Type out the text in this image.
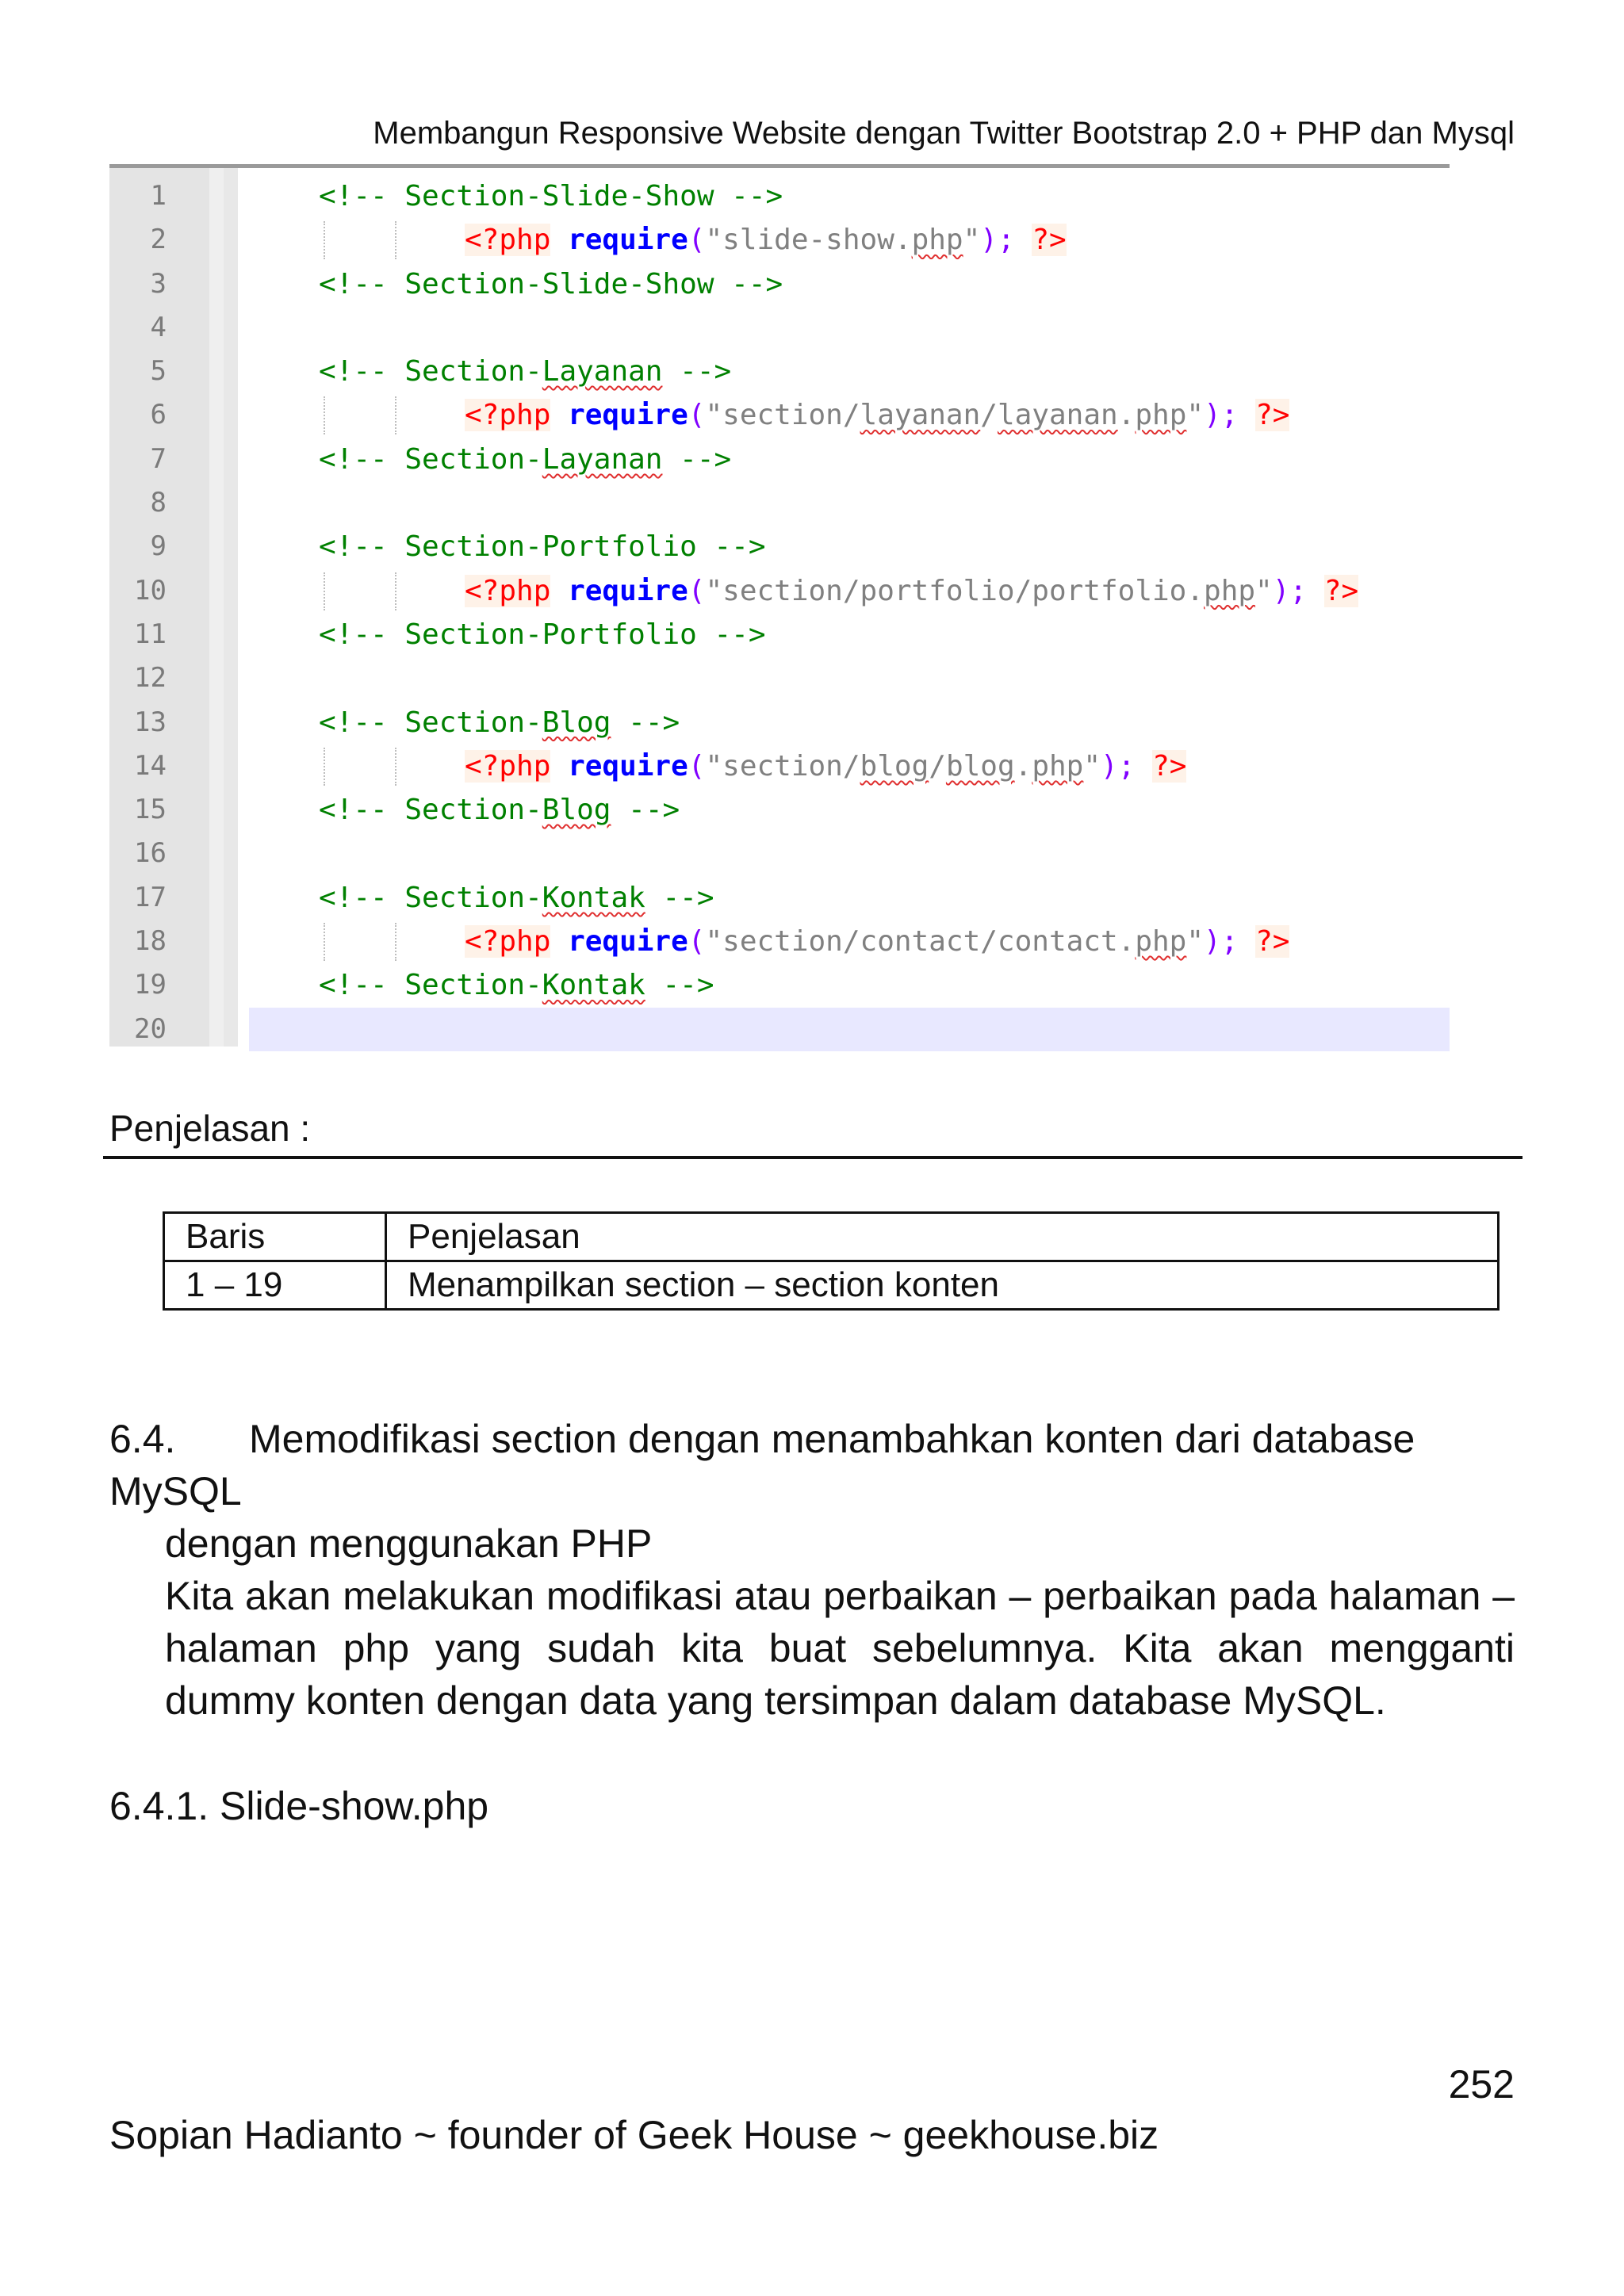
Membangun Responsive Website dengan Twitter Bootstrap 2.0 + PHP dan Mysql
1	<!-- Section-Slide-Show -->
2	<?php require("slide-show.php"); ?>
3	<!-- Section-Slide-Show -->
4
5	<!-- Section-Layanan -->
6	<?php require("section/layanan/layanan.php"); ?>
7	<!-- Section-Layanan -->
8
9	<!-- Section-Portfolio -->
10	<?php require("section/portfolio/portfolio.php"); ?>
11	<!-- Section-Portfolio -->
12
13	<!-- Section-Blog -->
14	<?php require("section/blog/blog.php"); ?>
15	<!-- Section-Blog -->
16
17	<!-- Section-Kontak -->
18	<?php require("section/contact/contact.php"); ?>
19	<!-- Section-Kontak -->
20
Penjelasan :
Baris	Penjelasan
1 – 19	Menampilkan section – section konten
6.4. Memodifikasi section dengan menambahkan konten dari database MySQL
dengan menggunakan PHP
Kita akan melakukan modifikasi atau perbaikan – perbaikan pada halaman – halaman php yang sudah kita buat sebelumnya. Kita akan mengganti dummy konten dengan data yang tersimpan dalam database MySQL.
6.4.1. Slide-show.php
252
Sopian Hadianto ~ founder of Geek House ~ geekhouse.biz
